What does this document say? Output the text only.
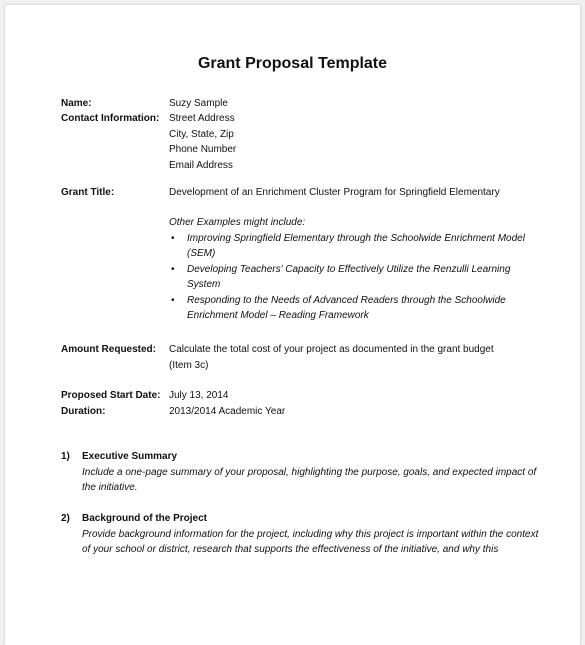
Grant Proposal Template
Name:	Suzy Sample
Contact Information: Street Address
City, State, Zip
Phone Number
Email Address
Grant Title:	Development of an Enrichment Cluster Program for Springfield Elementary
Other Examples might include:
• Improving Springfield Elementary through the Schoolwide Enrichment Model (SEM)
• Developing Teachers' Capacity to Effectively Utilize the Renzulli Learning System
• Responding to the Needs of Advanced Readers through the Schoolwide Enrichment Model – Reading Framework
Amount Requested: Calculate the total cost of your project as documented in the grant budget
(Item 3c)
Proposed Start Date: July 13, 2014
Duration:	2013/2014 Academic Year
1) Executive Summary
Include a one-page summary of your proposal, highlighting the purpose, goals, and expected impact of the initiative.
2) Background of the Project
Provide background information for the project, including why this project is important within the context of your school or district, research that supports the effectiveness of the initiative, and why this
